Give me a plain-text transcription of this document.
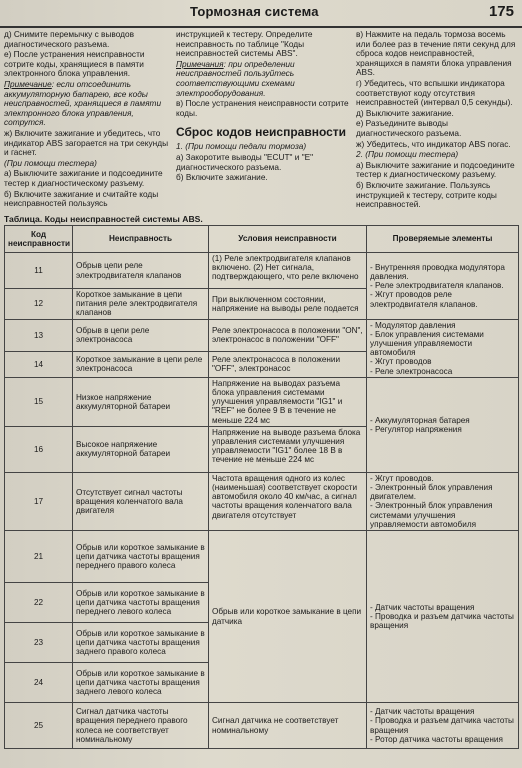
Тормозная система	175

д) Снимите перемычку с выводов диагностического разъема.

е) После устранения неисправности сотрите коды, хранящиеся в памяти электронного блока управления.

Примечание: если отсоединить аккумуляторную батарею, все коды неисправностей, хранящиеся в памяти электронного блока управления, сотрутся.

ж) Включите зажигание и убедитесь, что индикатор ABS загорается на три секунды и гаснет.

(При помощи тестера)

а) Выключите зажигание и подсоедините тестер к диагностическому разъему.

б) Включите зажигание и считайте коды неисправностей пользуясь

инструкцией к тестеру. Определите неисправность по таблице "Коды неисправностей системы ABS".

Примечания: при определении неисправностей пользуйтесь соответствующими схемами электрооборудования.

в) После устранения неисправности сотрите коды.

Сброс кодов неисправности

1. (При помощи педали тормоза)

а) Закоротите выводы "ECUT" и "E" диагностического разъема.

б) Включите зажигание.

в) Нажмите на педаль тормоза восемь или более раз в течение пяти секунд для сброса кодов неисправностей, хранящихся в памяти блока управления ABS.

г) Убедитесь, что вспышки индикатора соответствуют коду отсутствия неисправностей (интервал 0,5 секунды).

д) Выключите зажигание.

е) Разъедините выводы диагностического разъема.

ж) Убедитесь, что индикатор ABS погас.

2. (При помощи тестера)

а) Выключите зажигание и подсоедините тестер к диагностическому разъему.

б) Включите зажигание. Пользуясь инструкцией к тестеру, сотрите коды неисправностей.

Таблица. Коды неисправностей системы ABS.
Код неисправности	Неисправность	Условия неисправности	Проверяемые элементы
11	Обрыв цепи реле электродвигателя клапанов	(1) Реле электродвигателя клапанов включено. (2) Нет сигнала, подтверждающего, что реле включено	- Внутренняя проводка модулятора давления.
- Реле электродвигателя клапанов.
- Жгут проводов реле электродвигателя клапанов.

12	Короткое замыкание в цепи питания реле электродвигателя клапанов	При выключенном состоянии, напряжение на выводы реле подается	
13	Обрыв в цепи реле электронасоса	Реле электронасоса в положении "ON", электронасос в положении "OFF"	- Модулятор давления
- Блок управления системами улучшения управляемости автомобиля
- Жгут проводов
- Реле электронасоса

14	Короткое замыкание в цепи реле электронасоса	Реле электронасоса в положении "OFF", электронасос	
15	Низкое напряжение аккумуляторной батареи	Напряжение на выводах разъема блока управления системами улучшения управляемости "IG1" и "REF" не более 9 В в течение не меньше 224 мс	- Аккумуляторная батарея
- Регулятор напряжения

16	Высокое напряжение аккумуляторной батареи	Напряжение на выводе разъема блока управления системами улучшения управляемости "IG1" более 18 В в течение не меньше 224 мс	
17	Отсутствует сигнал частоты вращения коленчатого вала двигателя	Частота вращения одного из колес (наименьшая) соответствует скорости автомобиля около 40 км/час, а сигнал частоты вращения коленчатого вала двигателя отсутствует	- Жгут проводов.
- Электронный блок управления двигателем.
- Электронный блок управления системами улучшения управляемости автомобиля

21	Обрыв или короткое замыкание в цепи датчика частоты вращения переднего правого колеса	Обрыв или короткое замыкание в цепи датчика	- Датчик частоты вращения
- Проводка и разъем датчика частоты вращения

22	Обрыв или короткое замыкание в цепи датчика частоты вращения переднего левого колеса		
23	Обрыв или короткое замыкание в цепи датчика частоты вращения заднего правого колеса		
24	Обрыв или короткое замыкание в цепи датчика частоты вращения заднего левого колеса		
25	Сигнал датчика частоты вращения переднего правого колеса не соответствует номинальному	Сигнал датчика не соответствует номинальному	- Датчик частоты вращения
- Проводка и разъем датчика частоты вращения
- Ротор датчика частоты вращения
